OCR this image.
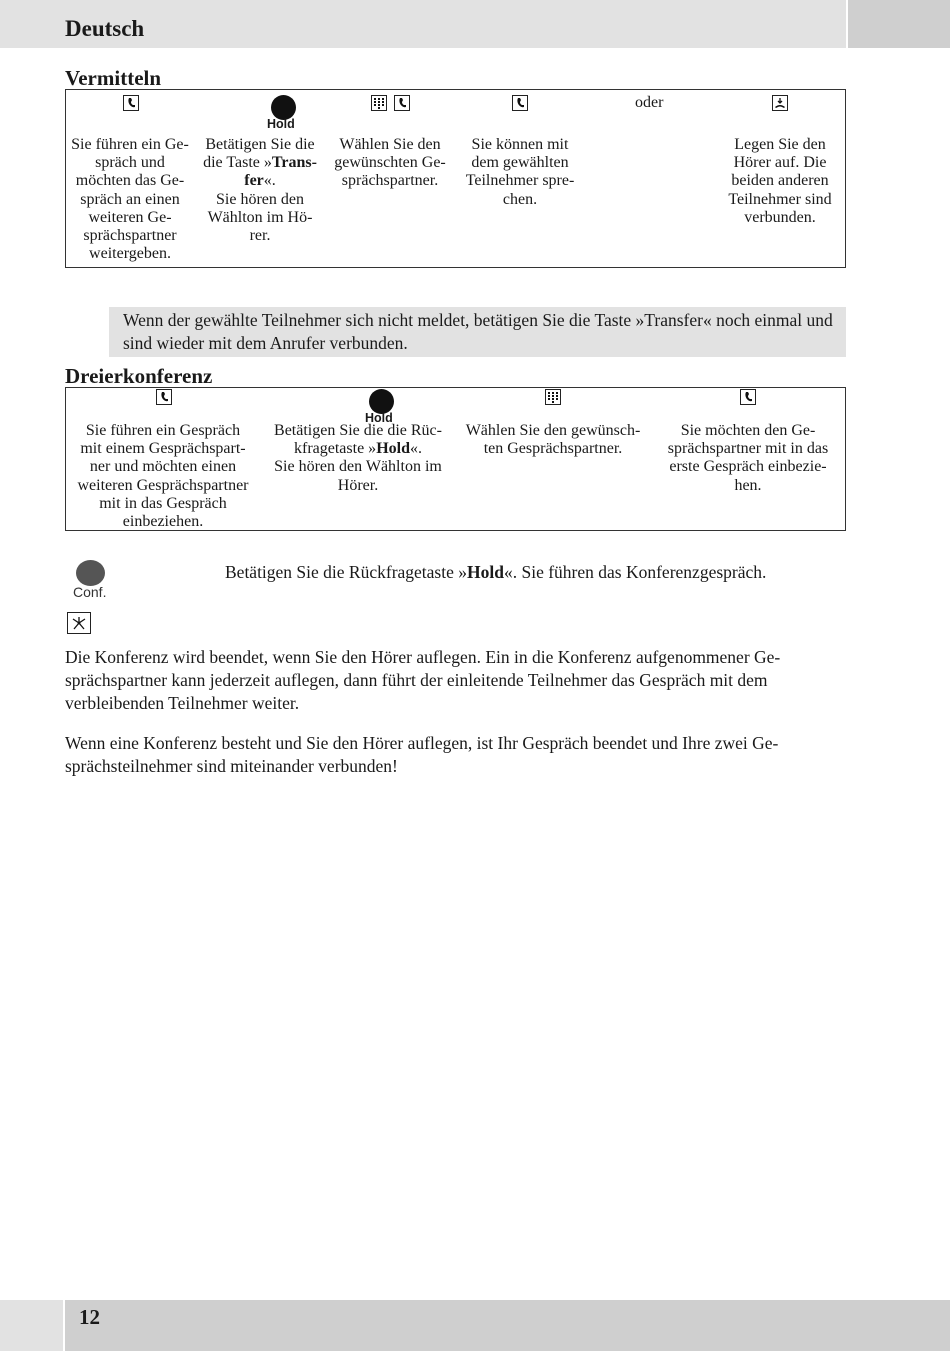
Deutsch
Vermitteln
Hold
oder
Sie führen ein Ge-
spräch und
möchten das Ge-
spräch an einen
weiteren Ge-
sprächspartner
weitergeben.
Betätigen Sie die
die Taste »Trans-
fer«.
Sie hören den
Wählton im Hö-
rer.
Wählen Sie den
gewünschten Ge-
sprächspartner.
Sie können mit
dem gewählten
Teilnehmer spre-
chen.
Legen Sie den
Hörer auf. Die
beiden anderen
Teilnehmer sind
verbunden.
Wenn der gewählte Teilnehmer sich nicht meldet, betätigen Sie die Taste »Transfer« noch einmal und sind wieder mit dem Anrufer verbunden.
Dreierkonferenz
Hold
Sie führen ein Gespräch
mit einem Gesprächspart-
ner und möchten einen
weiteren Gesprächspartner
mit in das Gespräch
einbeziehen.
Betätigen Sie die die Rüc-
kfragetaste »Hold«.
Sie hören den Wählton im
Hörer.
Wählen Sie den gewünsch-
ten Gesprächspartner.
Sie möchten den Ge-
sprächspartner mit in das
erste Gespräch einbezie-
hen.
Conf.
Betätigen Sie die Rückfragetaste »Hold«. Sie führen das Konferenzgespräch.
Die Konferenz wird beendet, wenn Sie den Hörer auflegen. Ein in die Konferenz aufgenommener Ge-
sprächspartner kann jederzeit auflegen, dann führt der einleitende Teilnehmer das Gespräch mit dem
verbleibenden Teilnehmer weiter.
Wenn eine Konferenz besteht und Sie den Hörer auflegen, ist Ihr Gespräch beendet und Ihre zwei Ge-
sprächsteilnehmer sind miteinander verbunden!
12
